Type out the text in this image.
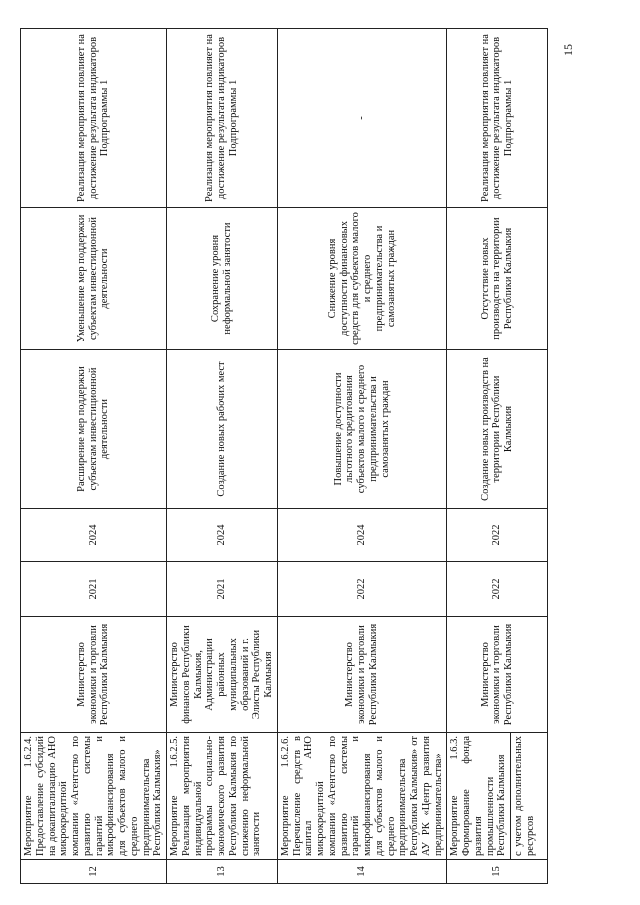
15
12	Мероприятие 1.6.2.4. Предоставление субсидий на докапитализацию АНО микрокредитной компании «Агентство по развитию системы гарантий и микрофинансирования для субъектов малого и среднего предпринимательства Республики Калмыкия»	Министерство экономики и торговли Республики Калмыкия	2021	2024	Расширение мер поддержки субъектам инвестиционной деятельности	Уменьшение мер поддержки субъектам инвестиционной деятельности	Реализация мероприятия повлияет на достижение результата индикаторов Подпрограммы 1
13	Мероприятие 1.6.2.5. Реализация мероприятия индивидуальной программы социально-экономического развития Республики Калмыкия по снижению неформальной занятости	Министерство финансов Республики Калмыкия, Администрации районных муниципальных образований и г. Элисты Республики Калмыкия	2021	2024	Создание новых рабочих мест	Сохранение уровня неформальной занятости	Реализация мероприятия повлияет на достижение результата индикаторов Подпрограммы 1
14	Мероприятие 1.6.2.6. Перечисление средств в капитал АНО микрокредитной компании «Агентство по развитию системы гарантий и микрофинансирования для субъектов малого и среднего предпринимательства Республики Калмыкия» от АУ РК «Центр развития предпринимательства»	Министерство экономики и торговли Республики Калмыкия	2022	2024	Повышение доступности льготного кредитования субъектов малого и среднего предпринимательства и самозанятых граждан	Снижение уровня доступности финансовых средств для субъектов малого и среднего предпринимательства и самозанятых граждан	-
15	Мероприятие 1.6.3. Формирование фонда развития промышленности Республики Калмыкия с учетом дополнительных ресурсов	Министерство экономики и торговли Республики Калмыкия	2022	2022	Создание новых производств на территории Республики Калмыкия	Отсутствие новых производств на территории Республики Калмыкия	Реализация мероприятия повлияет на достижение результата индикаторов Подпрограммы 1
